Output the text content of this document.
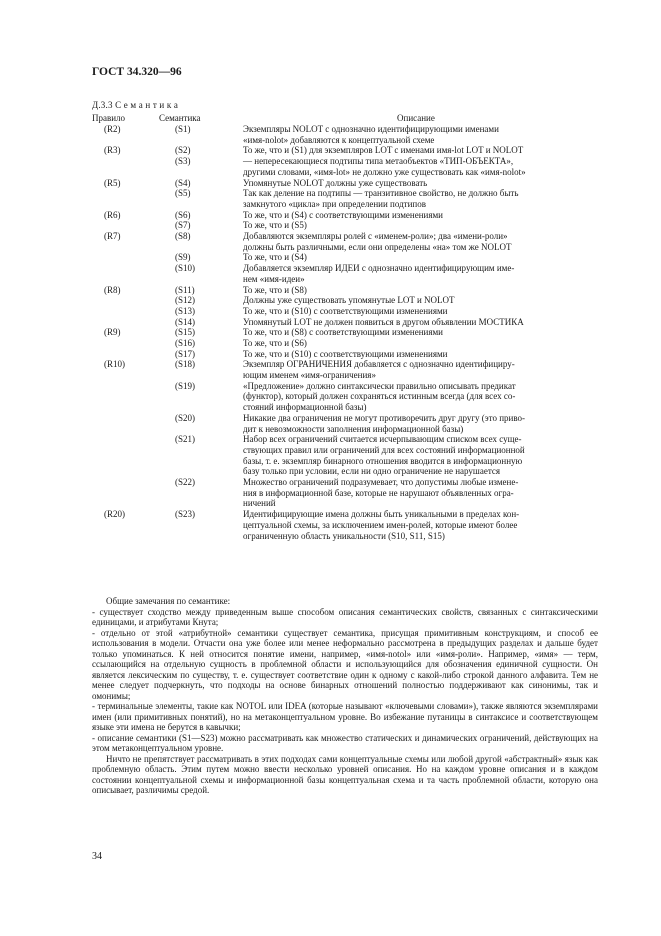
ГОСТ 34.320—96
Д.3.3 С е м а н т и к а
Правило	Семантика	Описание
(R2)	(S1)	Экземпляры NOLOT с однозначно идентифицирующими именами
«имя-nolot» добавляются к концептуальной схеме
(R3)	(S2)	То же, что и (S1) для экземпляров LOT с именами имя-lot LOT и NOLOT
(S3)	— непересекающиеся подтипы типа метаобъектов «ТИП-ОБЪЕКТА»,
другими словами, «имя-lot» не должно уже существовать как «имя-nolot»
(R5)	(S4)	Упомянутые NOLOT должны уже существовать
(S5)	Так как деление на подтипы — транзитивное свойство, не должно быть
замкнутого «цикла» при определении подтипов
(R6)	(S6)	То же, что и (S4) с соответствующими изменениями
(S7)	То же, что и (S5)
(R7)	(S8)	Добавляются экземпляры ролей с «именем-роли»; два «имени-роли»
должны быть различными, если они определены «на» том же NOLOT
(S9)	То же, что и (S4)
(S10)	Добавляется экземпляр ИДЕИ с однозначно идентифицирующим име-
нем «имя-идеи»
(R8)	(S11)	То же, что и (S8)
(S12)	Должны уже существовать упомянутые LOT и NOLOT
(S13)	То же, что и (S10) с соответствующими изменениями
(S14)	Упомянутый LOT не должен появиться в другом объявлении МОСТИКА
(R9)	(S15)	То же, что и (S8) с соответствующими изменениями
(S16)	То же, что и (S6)
(S17)	То же, что и (S10) с соответствующими изменениями
(R10)	(S18)	Экземпляр ОГРАНИЧЕНИЯ добавляется с однозначно идентифициру-
ющим именем «имя-ограничения»
(S19)	«Предложение» должно синтаксически правильно описывать предикат
(функтор), который должен сохраняться истинным всегда (для всех со-
стояний информационной базы)
(S20)	Никакие два ограничения не могут противоречить друг другу (это приво-
дит к невозможности заполнения информационной базы)
(S21)	Набор всех ограничений считается исчерпывающим списком всех суще-
ствующих правил или ограничений для всех состояний информационной
базы, т. е. экземпляр бинарного отношения вводится в информационную
базу только при условии, если ни одно ограничение не нарушается
(S22)	Множество ограничений подразумевает, что допустимы любые измене-
ния в информационной базе, которые не нарушают объявленных огра-
ничений
(R20)	(S23)	Идентифицирующие имена должны быть уникальными в пределах кон-
цептуальной схемы, за исключением имен-ролей, которые имеют более
ограниченную область уникальности (S10, S11, S15)

Общие замечания по семантике:

- существует сходство между приведенным выше способом описания семантических свойств, связанных с синтаксическими единицами, и атрибутами Кнута;

- отдельно от этой «атрибутной» семантики существует семантика, присущая примитивным конструкциям, и способ ее использования в модели. Отчасти она уже более или менее неформально рассмотрена в предыдущих разделах и дальше будет только упоминаться. К ней относится понятие имени, например, «имя-notol» или «имя-роли». Например, «имя» — терм, ссылающийся на отдельную сущность в проблемной области и использующийся для обозначения единичной сущности. Он является лексическим по существу, т. е. существует соответствие один к одному с какой-либо строкой данного алфавита. Тем не менее следует подчеркнуть, что подходы на основе бинарных отношений полностью поддерживают как синонимы, так и омонимы;

- терминальные элементы, такие как NOTOL или IDEA (которые называют «ключевыми словами»), также являются экземплярами имен (или примитивных понятий), но на метаконцептуальном уровне. Во избежание путаницы в синтаксисе и соответствующем языке эти имена не берутся в кавычки;

- описание семантики (S1—S23) можно рассматривать как множество статических и динамических ограничений, действующих на этом метаконцептуальном уровне.

Ничто не препятствует рассматривать в этих подходах сами концептуальные схемы или любой другой «абстрактный» язык как проблемную область. Этим путем можно ввести несколько уровней описания. Но на каждом уровне описания и в каждом состоянии концептуальной схемы и информационной базы концептуальная схема и та часть проблемной области, которую она описывает, различимы средой.

34
